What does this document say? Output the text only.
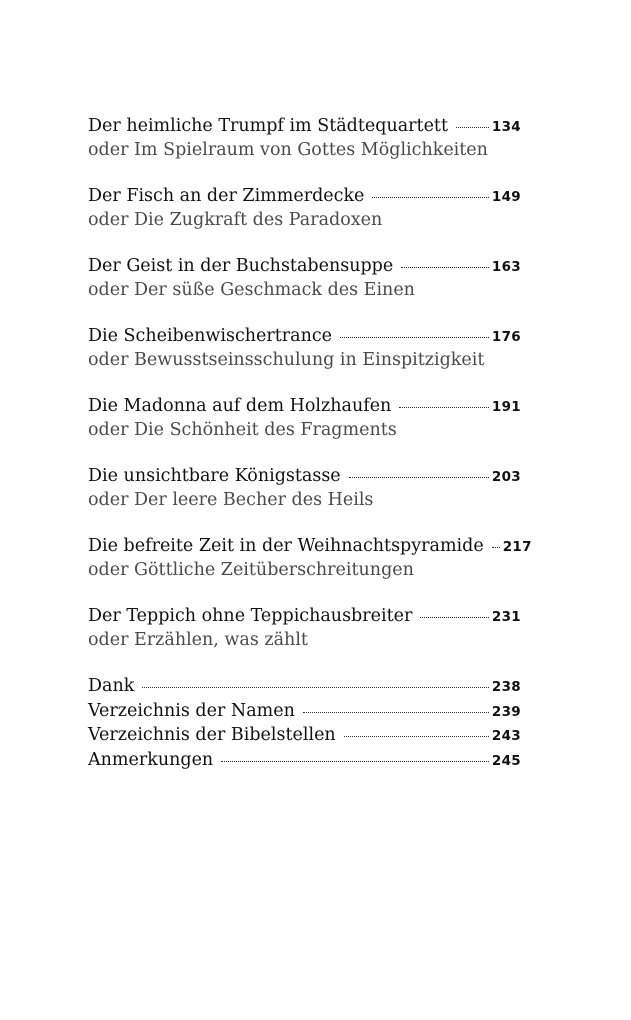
Der heimliche Trumpf im Städtequartett	134
oder Im Spielraum von Gottes Möglichkeiten
Der Fisch an der Zimmerdecke	149
oder Die Zugkraft des Paradoxen
Der Geist in der Buchstabensuppe	163
oder Der süße Geschmack des Einen
Die Scheibenwischertrance	176
oder Bewusstseinsschulung in Einspitzigkeit
Die Madonna auf dem Holzhaufen	191
oder Die Schönheit des Fragments
Die unsichtbare Königstasse	203
oder Der leere Becher des Heils
Die befreite Zeit in der Weihnachtspyramide 217
oder Göttliche Zeitüberschreitungen
Der Teppich ohne Teppichausbreiter	231
oder Erzählen, was zählt
Dank	238
Verzeichnis der Namen	239
Verzeichnis der Bibelstellen	243
Anmerkungen	245
